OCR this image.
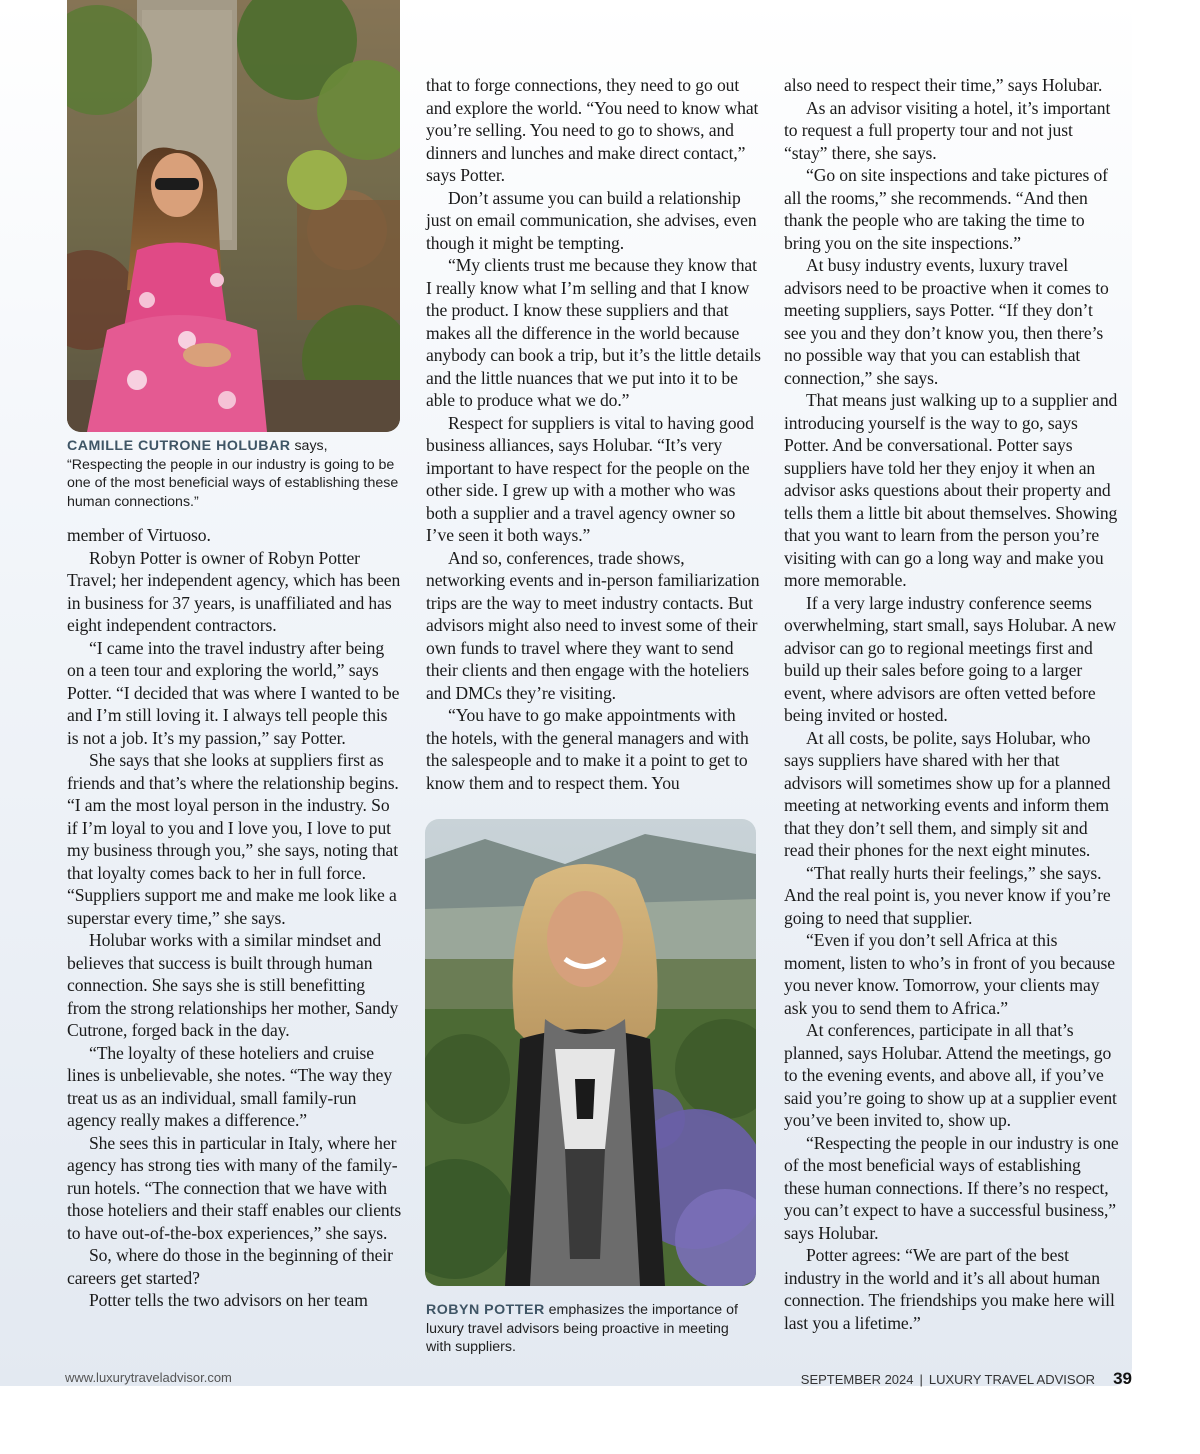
CAMILLE CUTRONE HOLUBAR says, “Respecting the people in our industry is going to be one of the most beneficial ways of establishing these human connections.”

member of Virtuoso.

Robyn Potter is owner of Robyn Potter Travel; her independent agency, which has been in business for 37 years, is unaffiliated and has eight independent contractors.

“I came into the travel industry after being on a teen tour and exploring the world,” says Potter. “I decided that was where I wanted to be and I’m still loving it. I always tell people this is not a job. It’s my passion,” say Potter.

She says that she looks at suppliers first as friends and that’s where the relationship begins. “I am the most loyal person in the industry. So if I’m loyal to you and I love you, I love to put my business through you,” she says, noting that that loyalty comes back to her in full force. “Suppliers support me and make me look like a superstar every time,” she says.

Holubar works with a similar mindset and believes that success is built through human connection. She says she is still benefitting from the strong relationships her mother, Sandy Cutrone, forged back in the day.

“The loyalty of these hoteliers and cruise lines is unbelievable, she notes. “The way they treat us as an individual, small family-run agency really makes a difference.”

She sees this in particular in Italy, where her agency has strong ties with many of the family-run hotels. “The connection that we have with those hoteliers and their staff enables our clients to have out-of-the-box experiences,” she says.

So, where do those in the beginning of their careers get started?

Potter tells the two advisors on her team

that to forge connections, they need to go out and explore the world. “You need to know what you’re selling. You need to go to shows, and dinners and lunches and make direct contact,” says Potter.

Don’t assume you can build a relationship just on email communication, she advises, even though it might be tempting.

“My clients trust me because they know that I really know what I’m selling and that I know the product. I know these suppliers and that makes all the difference in the world because anybody can book a trip, but it’s the little details and the little nuances that we put into it to be able to produce what we do.”

Respect for suppliers is vital to having good business alliances, says Holubar. “It’s very important to have respect for the people on the other side. I grew up with a mother who was both a supplier and a travel agency owner so I’ve seen it both ways.”

And so, conferences, trade shows, networking events and in-person familiarization trips are the way to meet industry contacts. But advisors might also need to invest some of their own funds to travel where they want to send their clients and then engage with the hoteliers and DMCs they’re visiting.

“You have to go make appointments with the hotels, with the general managers and with the salespeople and to make it a point to get to know them and to respect them. You

ROBYN POTTER emphasizes the importance of luxury travel advisors being proactive in meeting with suppliers.

also need to respect their time,” says Holubar.

As an advisor visiting a hotel, it’s important to request a full property tour and not just “stay” there, she says.

“Go on site inspections and take pictures of all the rooms,” she recommends. “And then thank the people who are taking the time to bring you on the site inspections.”

At busy industry events, luxury travel advisors need to be proactive when it comes to meeting suppliers, says Potter. “If they don’t see you and they don’t know you, then there’s no possible way that you can establish that connection,” she says.

That means just walking up to a supplier and introducing yourself is the way to go, says Potter. And be conversational. Potter says suppliers have told her they enjoy it when an advisor asks questions about their property and tells them a little bit about themselves. Showing that you want to learn from the person you’re visiting with can go a long way and make you more memorable.

If a very large industry conference seems overwhelming, start small, says Holubar. A new advisor can go to regional meetings first and build up their sales before going to a larger event, where advisors are often vetted before being invited or hosted.

At all costs, be polite, says Holubar, who says suppliers have shared with her that advisors will sometimes show up for a planned meeting at networking events and inform them that they don’t sell them, and simply sit and read their phones for the next eight minutes.

“That really hurts their feelings,” she says. And the real point is, you never know if you’re going to need that supplier.

“Even if you don’t sell Africa at this moment, listen to who’s in front of you because you never know. Tomorrow, your clients may ask you to send them to Africa.”

At conferences, participate in all that’s planned, says Holubar. Attend the meetings, go to the evening events, and above all, if you’ve said you’re going to show up at a supplier event you’ve been invited to, show up.

“Respecting the people in our industry is one of the most beneficial ways of establishing these human connections. If there’s no respect, you can’t expect to have a successful business,” says Holubar.

Potter agrees: “We are part of the best industry in the world and it’s all about human connection. The friendships you make here will last you a lifetime.”

www.luxurytraveladvisor.com	SEPTEMBER 2024 | LUXURY TRAVEL ADVISOR 39
